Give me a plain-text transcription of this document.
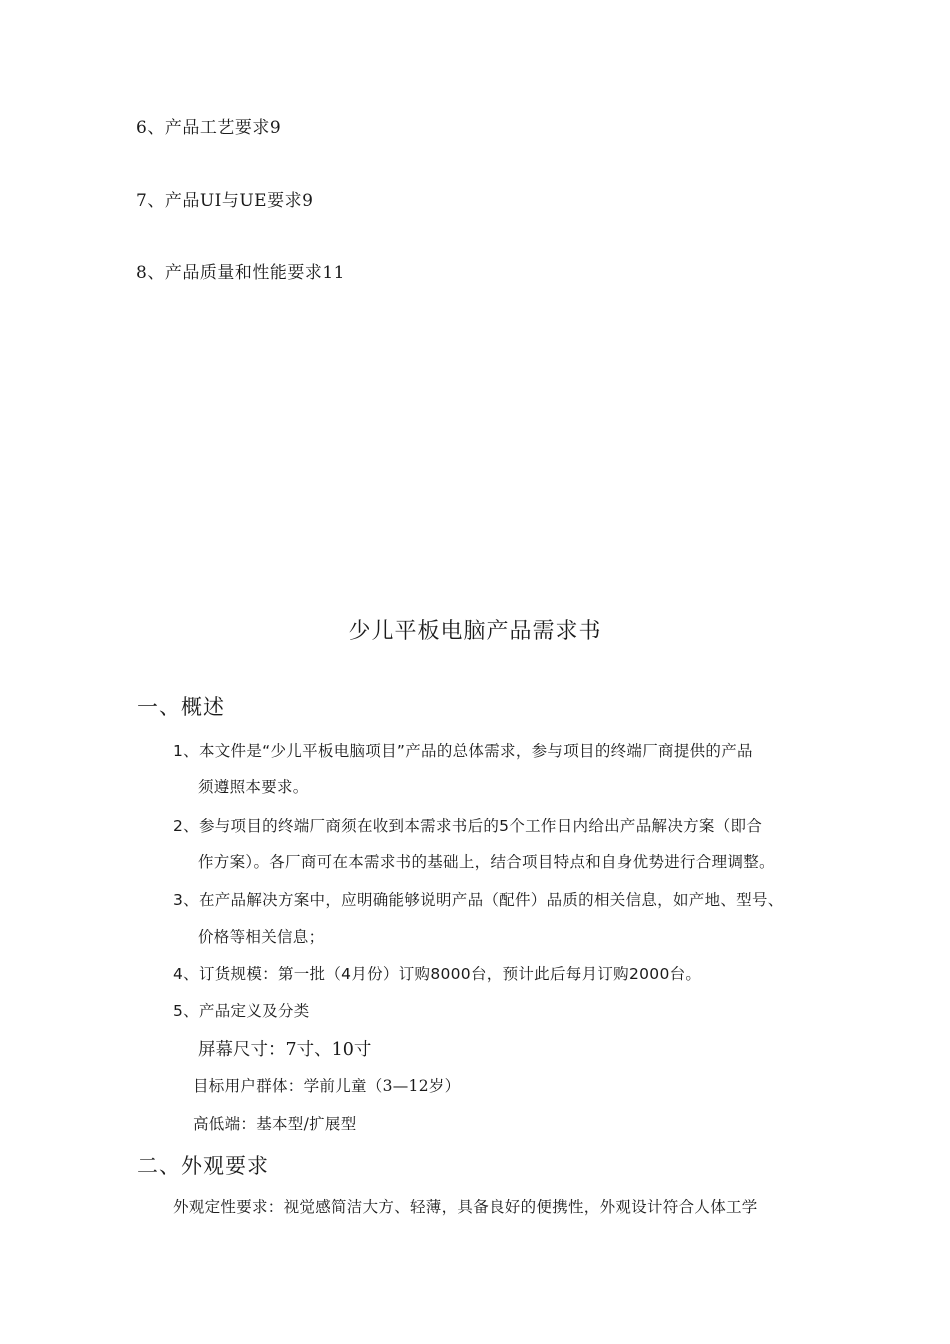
6、产品工艺要求9
7、产品UI与UE要求9
8、产品质量和性能要求11
少儿平板电脑产品需求书
一、概述
1、本文件是“少儿平板电脑项目”产品的总体需求，参与项目的终端厂商提供的产品
须遵照本要求。
2、参与项目的终端厂商须在收到本需求书后的5个工作日内给出产品解决方案（即合
作方案）。各厂商可在本需求书的基础上，结合项目特点和自身优势进行合理调整。
3、在产品解决方案中，应明确能够说明产品（配件）品质的相关信息，如产地、型号、
价格等相关信息；
4、订货规模：第一批（4月份）订购8000台，预计此后每月订购2000台。
5、产品定义及分类
屏幕尺寸：7寸、10寸
目标用户群体：学前儿童（3—12岁）
高低端：基本型/扩展型
二、外观要求
外观定性要求：视觉感简洁大方、轻薄，具备良好的便携性，外观设计符合人体工学
